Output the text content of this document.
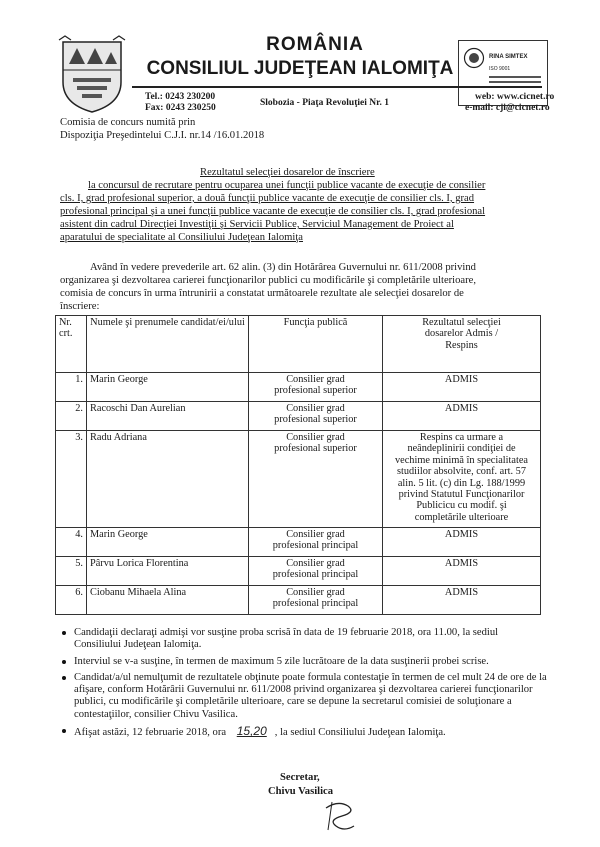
ROMÂNIA
CONSILIUL JUDEŢEAN IALOMIŢA
RINA SIMTEX
ISO 9001
Tel.: 0243 230200
Fax: 0243 230250	Slobozia - Piaţa Revoluţiei Nr. 1
web: www.cicnet.ro
e-mail: cji@cicnet.ro
Comisia de concurs numită prin
Dispoziţia Preşedintelui C.J.I. nr.14 /16.01.2018
Rezultatul selecţiei dosarelor de înscriere
la concursul de recrutare pentru ocuparea unei funcţii publice vacante de execuţie de consilier
cls. I, grad profesional superior, a două funcţii publice vacante de execuţie de consilier cls. I, grad
profesional principal şi a unei funcţii publice vacante de execuţie de consilier cls. I, grad profesional
asistent din cadrul Direcţiei Investiţii şi Servicii Publice, Serviciul Management de Proiect al
aparatului de specialitate al Consiliului Judeţean Ialomiţa
Având în vedere prevederile art. 62 alin. (3) din Hotărârea Guvernului nr. 611/2008 privind
organizarea şi dezvoltarea carierei funcţionarilor publici cu modificările şi completările ulterioare,
comisia de concurs în urma întrunirii a constatat următoarele rezultate ale selecţiei dosarelor de
înscriere:
Nr. crt.	Numele şi prenumele candidat/ei/ului	Funcţia publică	Rezultatul selecţiei dosarelor Admis / Respins
1.	Marin George	Consilier grad
profesional superior	ADMIS
2.	Racoschi Dan Aurelian	Consilier grad
profesional superior	ADMIS
3.	Radu Adriana	Consilier grad
profesional superior	Respins ca urmare a neândeplinirii condiţiei de vechime minimă în specialitatea studiilor absolvite, conf. art. 57 alin. 5 lit. (c) din Lg. 188/1999 privind Statutul Funcţionarilor Publicicu cu modif. şi completările ulterioare
4.	Marin George	Consilier grad
profesional principal	ADMIS
5.	Pârvu Lorica Florentina	Consilier grad
profesional principal	ADMIS
6.	Ciobanu Mihaela Alina	Consilier grad
profesional principal	ADMIS
Candidaţii declaraţi admişi vor susţine proba scrisă în data de 19 februarie 2018, ora 11.00, la sediul Consiliului Judeţean Ialomiţa.
Interviul se v-a susţine, în termen de maximum 5 zile lucrătoare de la data susţinerii probei scrise.
Candidat/a/ul nemulţumit de rezultatele obţinute poate formula contestaţie în termen de cel mult 24 de ore de la afişare, conform Hotărârii Guvernului nr. 611/2008 privind organizarea şi dezvoltarea carierei funcţionarilor publici, cu modificările şi completările ulterioare, care se depune la secretarul comisiei de soluţionare a contestaţiilor, consilier Chivu Vasilica.
Afişat astăzi, 12 februarie 2018, ora 15,20 , la sediul Consiliului Judeţean Ialomiţa.
Secretar,
Chivu Vasilica
